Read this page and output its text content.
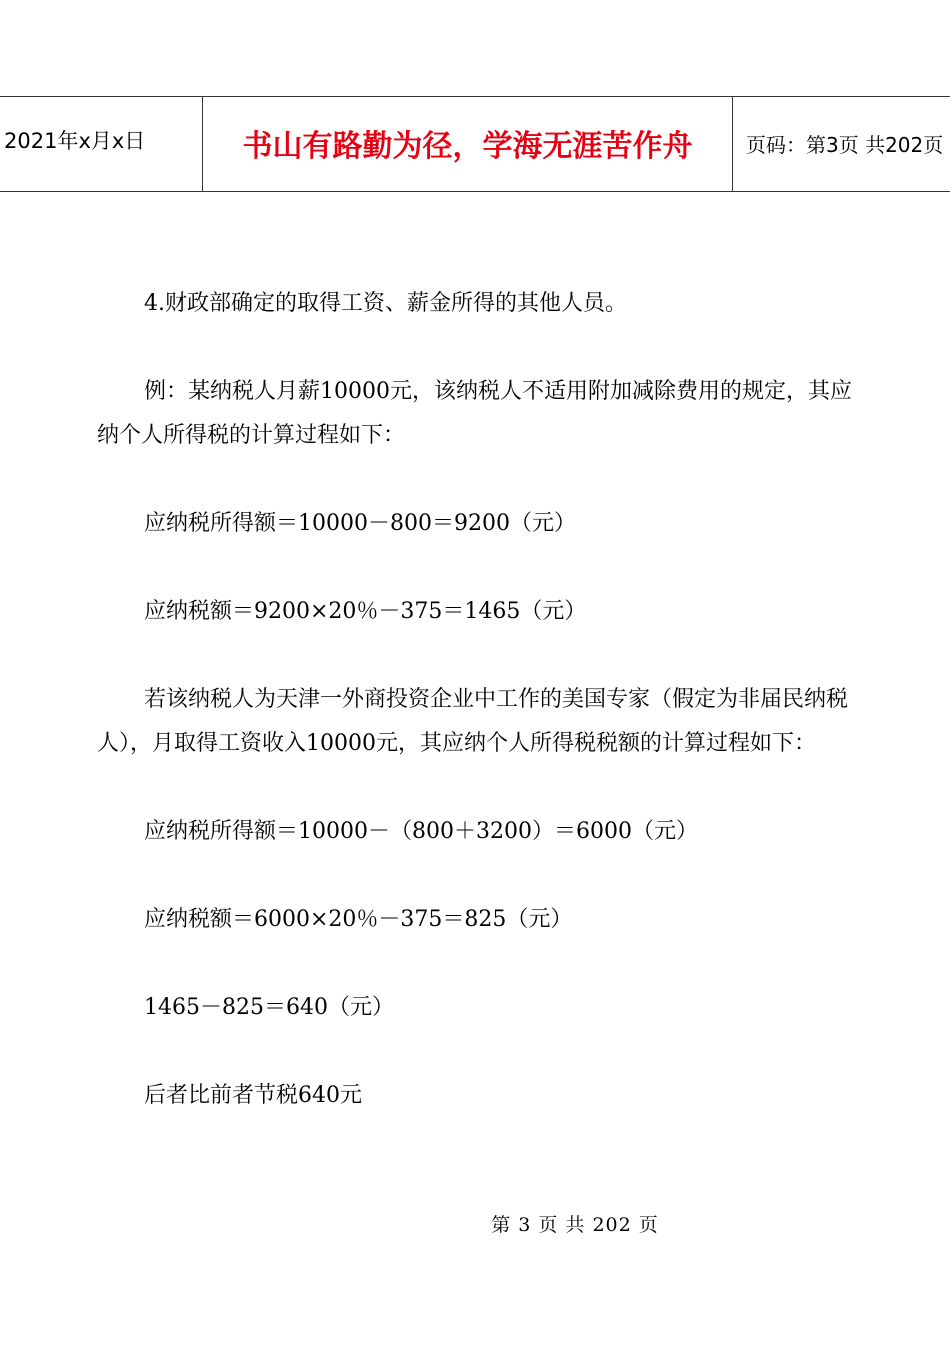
2021年x月x日	书山有路勤为径，学海无涯苦作舟	页码：第3页 共202页

4.财政部确定的取得工资、薪金所得的其他人员。

例：某纳税人月薪10000元，该纳税人不适用附加减除费用的规定，其应纳个人所得税的计算过程如下：

应纳税所得额＝10000－800＝9200（元）

应纳税额＝9200×20％－375＝1465（元）

若该纳税人为天津一外商投资企业中工作的美国专家（假定为非届民纳税人），月取得工资收入10000元，其应纳个人所得税税额的计算过程如下：

应纳税所得额＝10000－（800＋3200）＝6000（元）

应纳税额＝6000×20％－375＝825（元）

1465－825＝640（元）

后者比前者节税640元

第 3 页 共 202 页
